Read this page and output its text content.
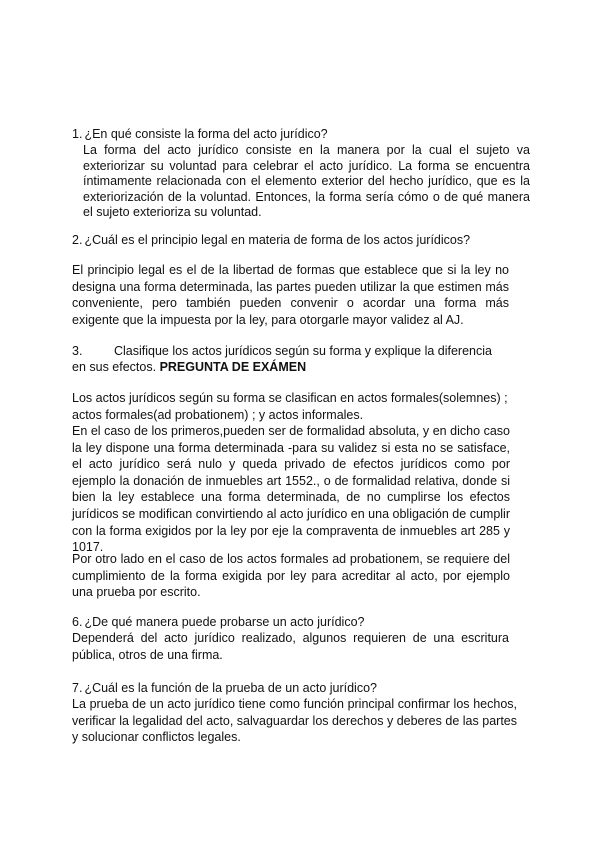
1. ¿En qué consiste la forma del acto jurídico?

La forma del acto jurídico consiste en la manera por la cual el sujeto va exteriorizar su voluntad para celebrar el acto jurídico. La forma se encuentra íntimamente relacionada con el elemento exterior del hecho jurídico, que es la exteriorización de la voluntad. Entonces, la forma sería cómo o de qué manera el sujeto exterioriza su voluntad.

2. ¿Cuál es el principio legal en materia de forma de los actos jurídicos?

El principio legal es el de la libertad de formas que establece que si la ley no designa una forma determinada, las partes pueden utilizar la que estimen más conveniente, pero también pueden convenir o acordar una forma más exigente que la impuesta por la ley, para otorgarle mayor validez al AJ.

3.	Clasifique los actos jurídicos según su forma y explique la diferencia

en sus efectos. PREGUNTA DE EXÁMEN

Los actos jurídicos según su forma se clasifican en actos formales(solemnes) ;

actos formales(ad probationem) ; y actos informales.

En el caso de los primeros,pueden ser de formalidad absoluta, y en dicho caso la ley dispone una forma determinada -para su validez si esta no se satisface, el acto jurídico será nulo y queda privado de efectos jurídicos como por ejemplo la donación de inmuebles art 1552., o de formalidad relativa, donde si bien la ley establece una forma determinada, de no cumplirse los efectos jurídicos se modifican convirtiendo al acto jurídico en una obligación de cumplir con la forma exigidos por la ley por eje la compraventa de inmuebles art 285 y 1017.

Por otro lado en el caso de los actos formales ad probationem, se requiere del cumplimiento de la forma exigida por ley para acreditar al acto, por ejemplo una prueba por escrito.

6. ¿De qué manera puede probarse un acto jurídico?

Dependerá del acto jurídico realizado, algunos requieren de una escritura pública, otros de una firma.

7. ¿Cuál es la función de la prueba de un acto jurídico?

La prueba de un acto jurídico tiene como función principal confirmar los hechos, verificar la legalidad del acto, salvaguardar los derechos y deberes de las partes y solucionar conflictos legales.
